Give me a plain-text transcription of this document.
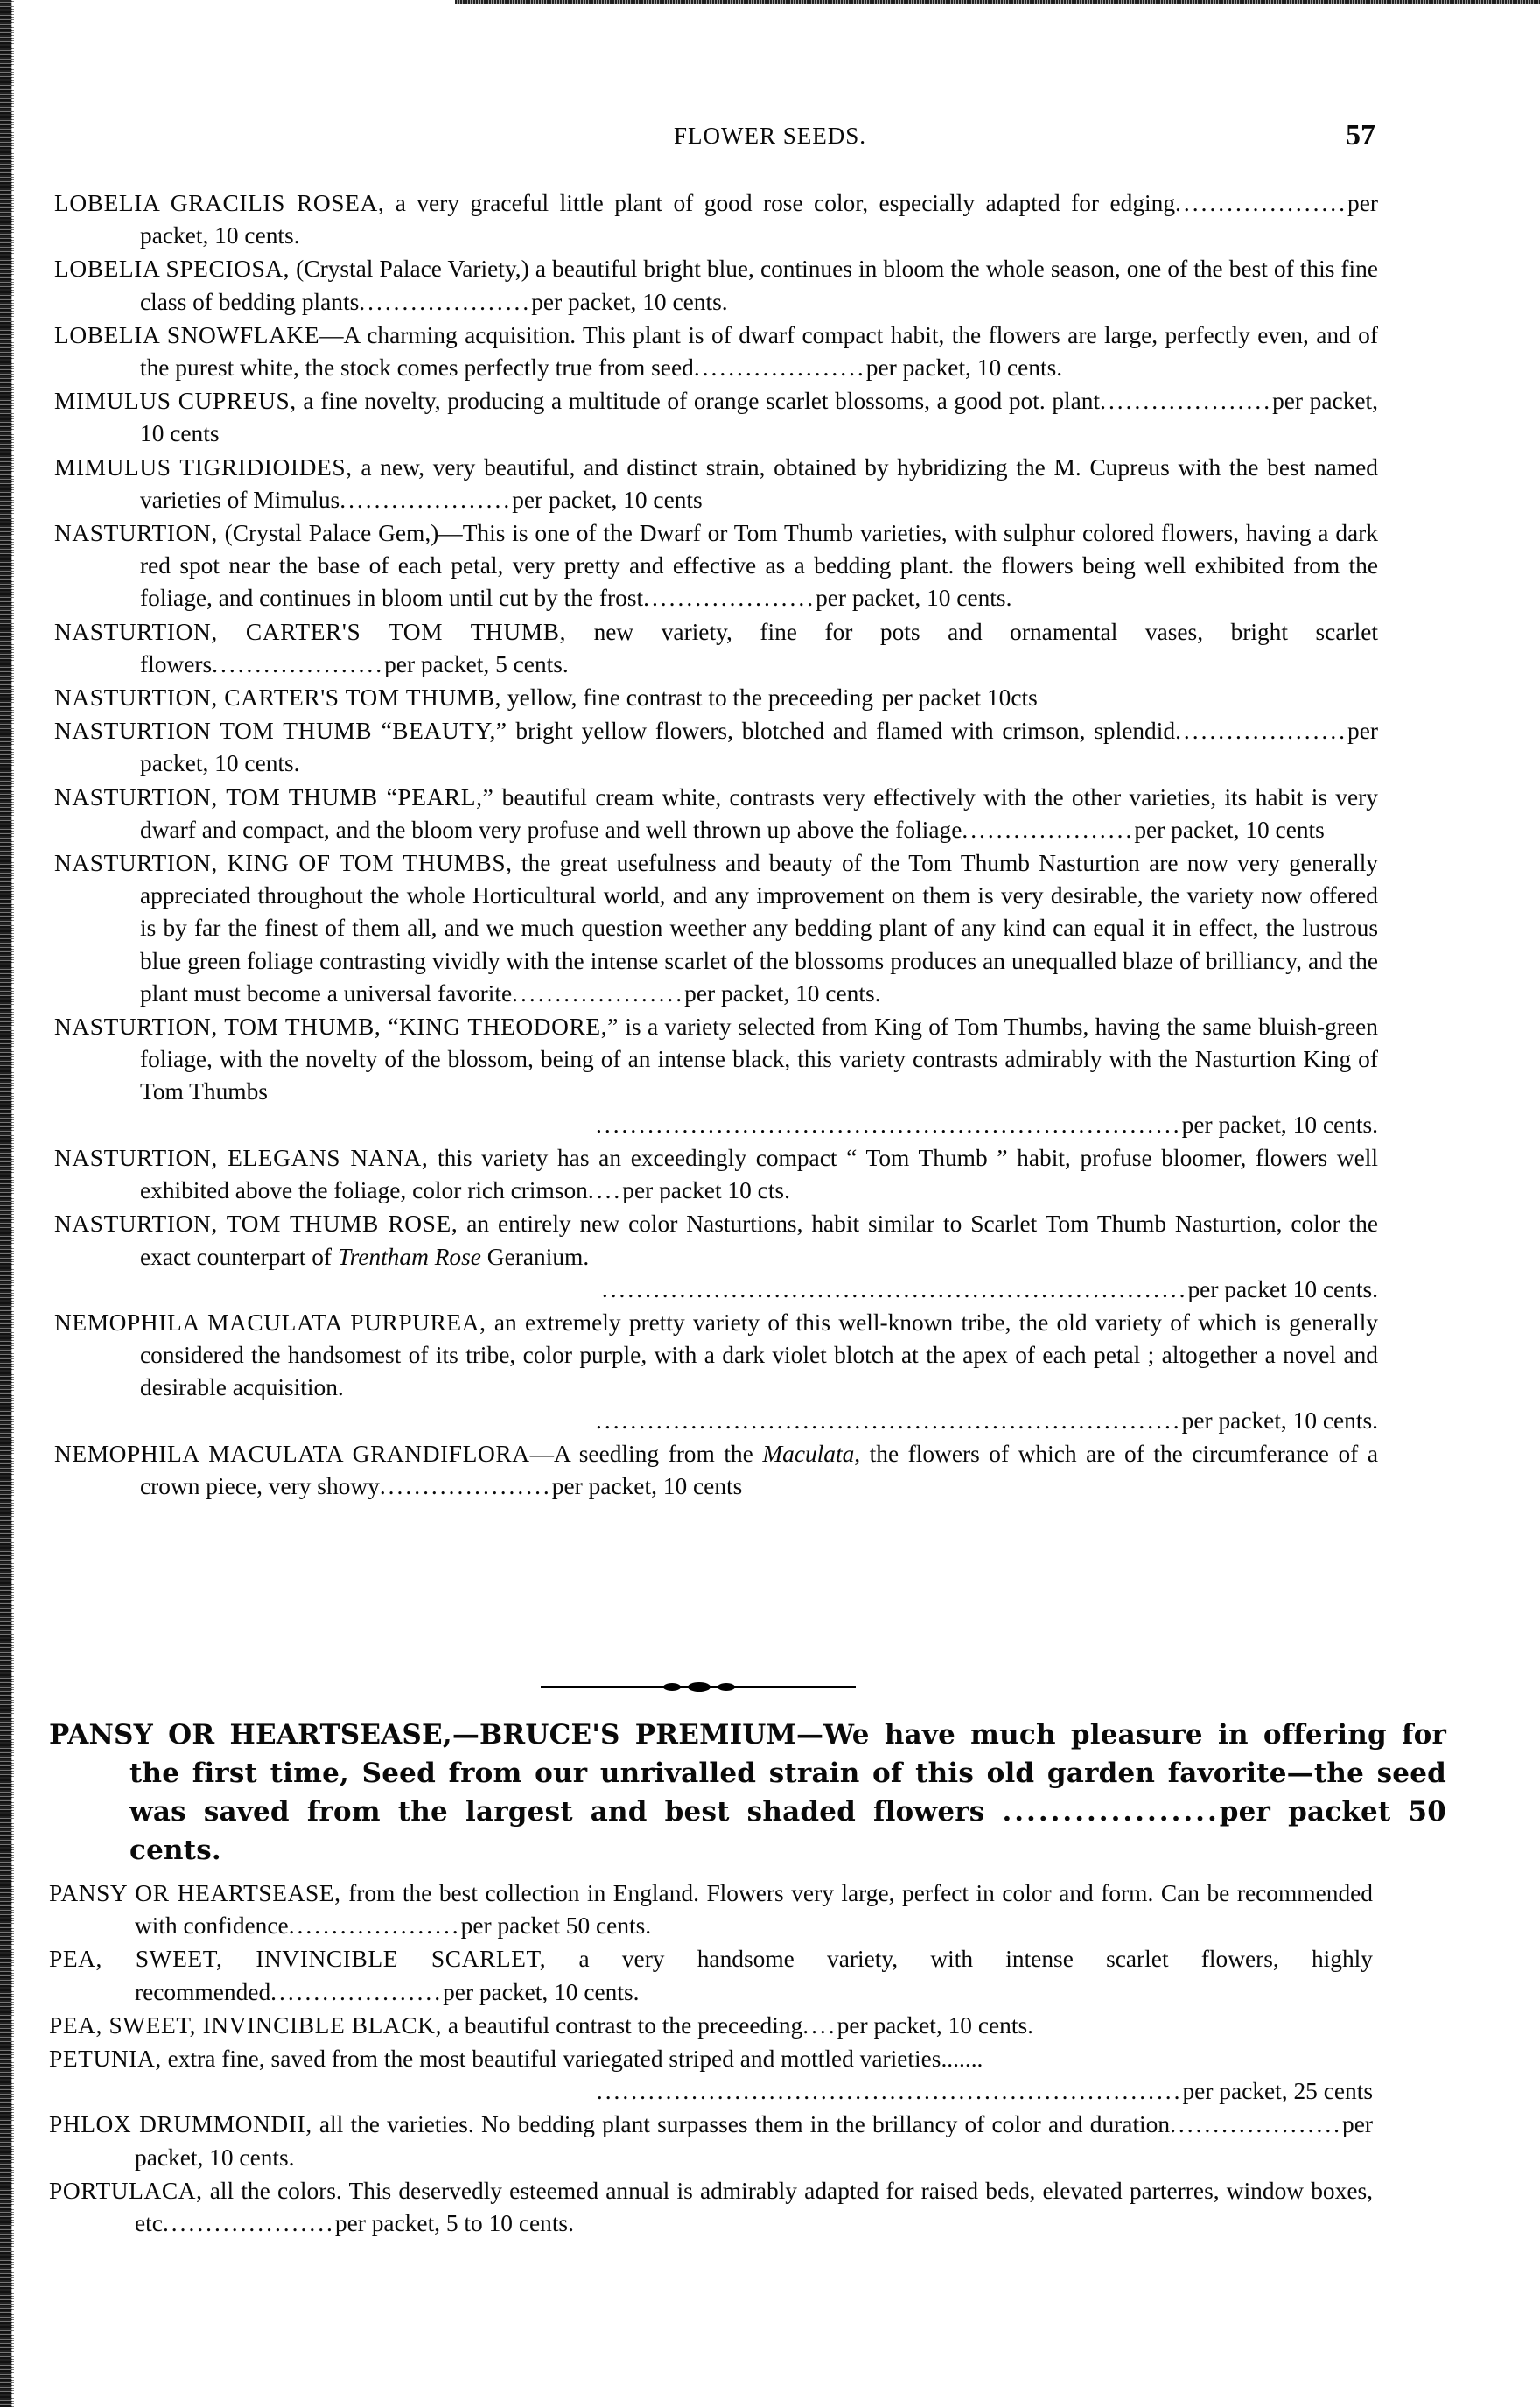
FLOWER SEEDS.	57
LOBELIA GRACILIS ROSEA, a very graceful little plant of good rose color, especially adapted for edging....................per packet, 10 cents.
LOBELIA SPECIOSA, (Crystal Palace Variety,) a beautiful bright blue, continues in bloom the whole season, one of the best of this fine class of bedding plants....................per packet, 10 cents.
LOBELIA SNOWFLAKE—A charming acquisition. This plant is of dwarf compact habit, the flowers are large, perfectly even, and of the purest white, the stock comes perfectly true from seed....................per packet, 10 cents.
MIMULUS CUPREUS, a fine novelty, producing a multitude of orange scarlet blossoms, a good pot. plant....................per packet, 10 cents
MIMULUS TIGRIDIOIDES, a new, very beautiful, and distinct strain, obtained by hybridizing the M. Cupreus with the best named varieties of Mimulus....................per packet, 10 cents
NASTURTION, (Crystal Palace Gem,)—This is one of the Dwarf or Tom Thumb varieties, with sulphur colored flowers, having a dark red spot near the base of each petal, very pretty and effective as a bedding plant. the flowers being well exhibited from the foliage, and continues in bloom until cut by the frost....................per packet, 10 cents.
NASTURTION, CARTER'S TOM THUMB, new variety, fine for pots and ornamental vases, bright scarlet flowers....................per packet, 5 cents.
NASTURTION, CARTER'S TOM THUMB, yellow, fine contrast to the preceeding per packet 10cts
NASTURTION TOM THUMB “BEAUTY,” bright yellow flowers, blotched and flamed with crimson, splendid....................per packet, 10 cents.
NASTURTION, TOM THUMB “PEARL,” beautiful cream white, contrasts very effectively with the other varieties, its habit is very dwarf and compact, and the bloom very profuse and well thrown up above the foliage....................per packet, 10 cents
NASTURTION, KING OF TOM THUMBS, the great usefulness and beauty of the Tom Thumb Nasturtion are now very generally appreciated throughout the whole Horticultural world, and any improvement on them is very desirable, the variety now offered is by far the finest of them all, and we much question weether any bedding plant of any kind can equal it in effect, the lustrous blue green foliage contrasting vividly with the intense scarlet of the blossoms produces an unequalled blaze of brilliancy, and the plant must become a universal favorite....................per packet, 10 cents.
NASTURTION, TOM THUMB, “KING THEODORE,” is a variety selected from King of Tom Thumbs, having the same bluish-green foliage, with the novelty of the blossom, being of an intense black, this variety contrasts admirably with the Nasturtion King of Tom Thumbs
....................................................................per packet, 10 cents.
NASTURTION, ELEGANS NANA, this variety has an exceedingly compact “ Tom Thumb ” habit, profuse bloomer, flowers well exhibited above the foliage, color rich crimson....per packet 10 cts.
NASTURTION, TOM THUMB ROSE, an entirely new color Nasturtions, habit similar to Scarlet Tom Thumb Nasturtion, color the exact counterpart of Trentham Rose Geranium.
....................................................................per packet 10 cents.
NEMOPHILA MACULATA PURPUREA, an extremely pretty variety of this well-known tribe, the old variety of which is generally considered the handsomest of its tribe, color purple, with a dark violet blotch at the apex of each petal ; altogether a novel and desirable acquisition.
....................................................................per packet, 10 cents.
NEMOPHILA MACULATA GRANDIFLORA—A seedling from the Maculata, the flowers of which are of the circumferance of a crown piece, very showy....................per packet, 10 cents
PANSY OR HEARTSEASE,—BRUCE'S PREMIUM—We have much pleasure in offering for the first time, Seed from our unrivalled strain of this old garden favorite—the seed was saved from the largest and best shaded flowers ..................per packet 50 cents.
PANSY OR HEARTSEASE, from the best collection in England. Flowers very large, perfect in color and form. Can be recommended with confidence....................per packet 50 cents.
PEA, SWEET, INVINCIBLE SCARLET, a very handsome variety, with intense scarlet flowers, highly recommended....................per packet, 10 cents.
PEA, SWEET, INVINCIBLE BLACK, a beautiful contrast to the preceeding....per packet, 10 cents.
PETUNIA, extra fine, saved from the most beautiful variegated striped and mottled varieties.......
....................................................................per packet, 25 cents
PHLOX DRUMMONDII, all the varieties. No bedding plant surpasses them in the brillancy of color and duration....................per packet, 10 cents.
PORTULACA, all the colors. This deservedly esteemed annual is admirably adapted for raised beds, elevated parterres, window boxes, etc....................per packet, 5 to 10 cents.
